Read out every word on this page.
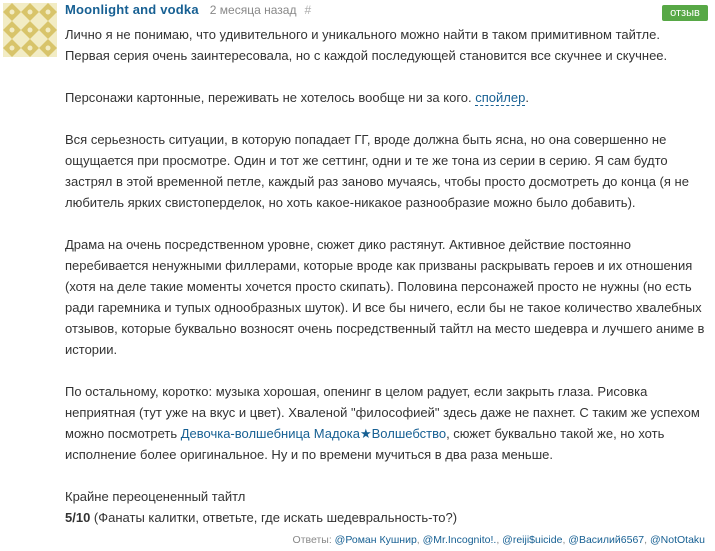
Moonlight and vodka 2 месяца назад #	отзыв

Лично я не понимаю, что удивительного и уникального можно найти в таком примитивном тайтле. Первая серия очень заинтересовала, но с каждой последующей становится все скучнее и скучнее.

Персонажи картонные, переживать не хотелось вообще ни за кого. спойлер.

Вся серьезность ситуации, в которую попадает ГГ, вроде должна быть ясна, но она совершенно не ощущается при просмотре. Один и тот же сеттинг, одни и те же тона из серии в серию. Я сам будто застрял в этой временной петле, каждый раз заново мучаясь, чтобы просто досмотреть до конца (я не любитель ярких свистоперделок, но хоть какое-никакое разнообразие можно было добавить).

Драма на очень посредственном уровне, сюжет дико растянут. Активное действие постоянно перебивается ненужными филлерами, которые вроде как призваны раскрывать героев и их отношения (хотя на деле такие моменты хочется просто скипать). Половина персонажей просто не нужны (но есть ради гаремника и тупых однообразных шуток). И все бы ничего, если бы не такое количество хвалебных отзывов, которые буквально возносят очень посредственный тайтл на место шедевра и лучшего аниме в истории.

По остальному, коротко: музыка хорошая, опенинг в целом радует, если закрыть глаза. Рисовка неприятная (тут уже на вкус и цвет). Хваленой "философией" здесь даже не пахнет. С таким же успехом можно посмотреть Девочка-волшебница Мадока★Волшебство, сюжет буквально такой же, но хоть исполнение более оригинальное. Ну и по времени мучиться в два раза меньше.

Крайне переоцененный тайтл
5/10 (Фанаты калитки, ответьте, где искать шедевральность-то?)

Ответы: @Роман Кушнир, @Mr.Incognito!., @reiji$uicide, @Василий6567, @NotOtaku
